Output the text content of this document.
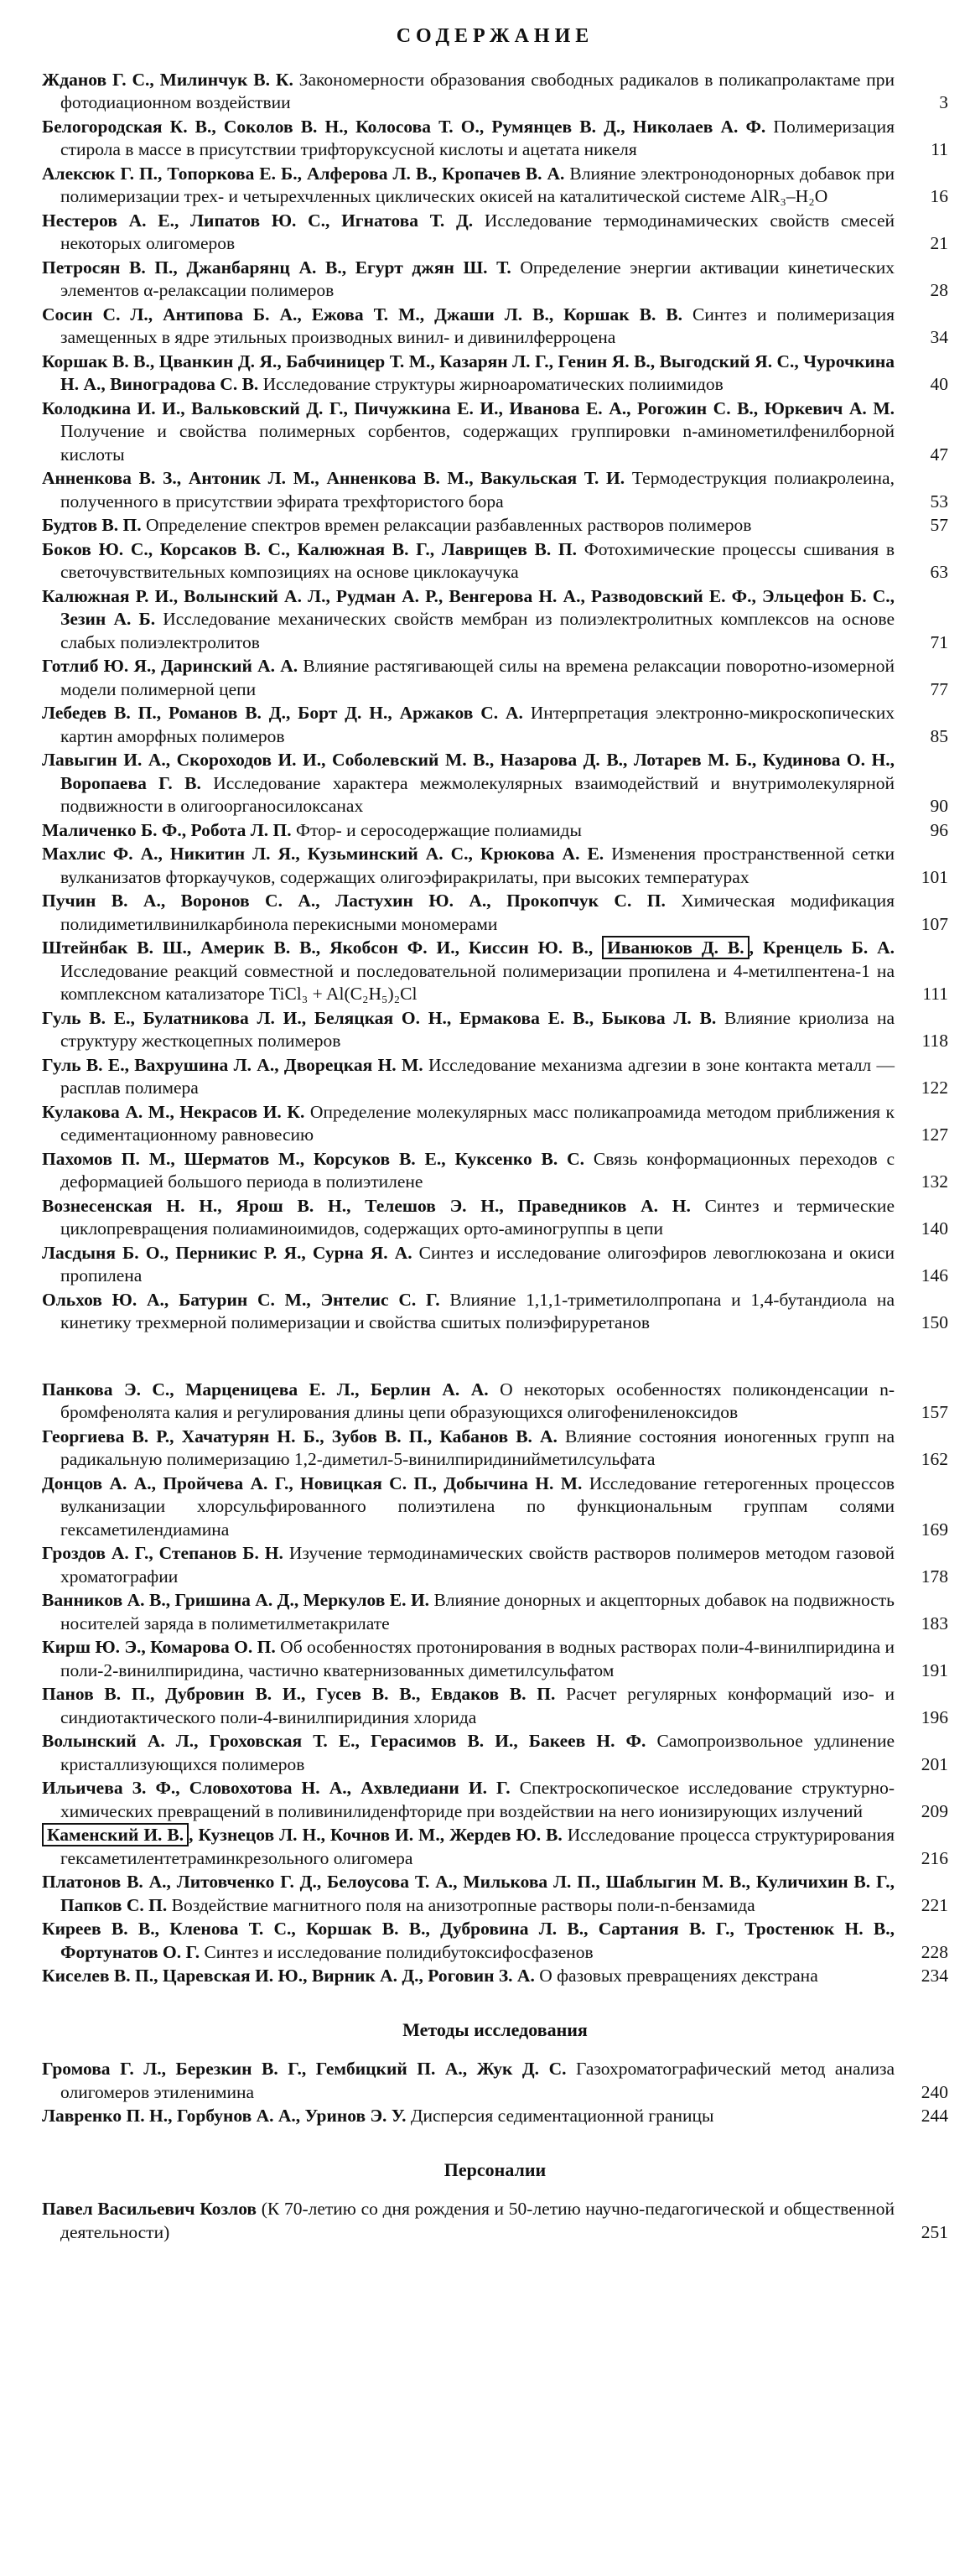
СОДЕРЖАНИЕ
Жданов Г. С., Милинчук В. К. Закономерности образования свободных радикалов в поликапролактаме при фотодиационном воздействии	3
Белогородская К. В., Соколов В. Н., Колосова Т. О., Румянцев В. Д., Николаев А. Ф. Полимеризация стирола в массе в присутствии трифторуксусной кислоты и ацетата никеля	11
Алексюк Г. П., Топоркова Е. Б., Алферова Л. В., Кропачев В. А. Влияние электронодонорных добавок при полимеризации трех- и четырехчленных циклических окисей на каталитической системе AlR₃–H₂O	16
Нестеров А. Е., Липатов Ю. С., Игнатова Т. Д. Исследование термодинамических свойств смесей некоторых олигомеров	21
Петросян В. П., Джанбарянц А. В., Егурт джян Ш. Т. Определение энергии активации кинетических элементов α-релаксации полимеров	28
Сосин С. Л., Антипова Б. А., Ежова Т. М., Джаши Л. В., Коршак В. В. Синтез и полимеризация замещенных в ядре этильных производных винил- и дивинилферроцена	34
Коршак В. В., Цванкин Д. Я., Бабчиницер Т. М., Казарян Л. Г., Генин Я. В., Выгодский Я. С., Чурочкина Н. А., Виноградова С. В. Исследование структуры жирноароматических полиимидов	40
Колодкина И. И., Вальковский Д. Г., Пичужкина Е. И., Иванова Е. А., Рогожин С. В., Юркевич А. М. Получение и свойства полимерных сорбентов, содержащих группировки n-аминометилфенилборной кислоты	47
Анненкова В. З., Антоник Л. М., Анненкова В. М., Вакульская Т. И. Термодеструкция полиакролеина, полученного в присутствии эфирата трехфтористого бора	53
Будтов В. П. Определение спектров времен релаксации разбавленных растворов полимеров	57
Боков Ю. С., Корсаков В. С., Калюжная В. Г., Лаврищев В. П. Фотохимические процессы сшивания в светочувствительных композициях на основе циклокаучука	63
Калюжная Р. И., Волынский А. Л., Рудман А. Р., Венгерова Н. А., Разводовский Е. Ф., Эльцефон Б. С., Зезин А. Б. Исследование механических свойств мембран из полиэлектролитных комплексов на основе слабых полиэлектролитов	71
Готлиб Ю. Я., Даринский А. А. Влияние растягивающей силы на времена релаксации поворотно-изомерной модели полимерной цепи	77
Лебедев В. П., Романов В. Д., Борт Д. Н., Аржаков С. А. Интерпретация электронно-микроскопических картин аморфных полимеров	85
Лавыгин И. А., Скороходов И. И., Соболевский М. В., Назарова Д. В., Лотарев М. Б., Кудинова О. Н., Воропаева Г. В. Исследование характера межмолекулярных взаимодействий и внутримолекулярной подвижности в олигоорганосилоксанах	90
Маличенко Б. Ф., Робота Л. П. Фтор- и серосодержащие полиамиды	96
Махлис Ф. А., Никитин Л. Я., Кузьминский А. С., Крюкова А. Е. Изменения пространственной сетки вулканизатов фторкаучуков, содержащих олигоэфиракрилаты, при высоких температурах	101
Пучин В. А., Воронов С. А., Ластухин Ю. А., Прокопчук С. П. Химическая модификация полидиметилвинилкарбинола перекисными мономерами	107
Штейнбак В. Ш., Америк В. В., Якобсон Ф. И., Киссин Ю. В., Иванюков Д. В. , Кренцель Б. А. Исследование реакций совместной и последовательной полимеризации пропилена и 4-метилпентена-1 на комплексном катализаторе TiCl₃ + Al(C₂H₅)₂Cl	111
Гуль В. Е., Булатникова Л. И., Беляцкая О. Н., Ермакова Е. В., Быкова Л. В. Влияние криолиза на структуру жесткоцепных полимеров	118
Гуль В. Е., Вахрушина Л. А., Дворецкая Н. М. Исследование механизма адгезии в зоне контакта металл — расплав полимера	122
Кулакова А. М., Некрасов И. К. Определение молекулярных масс поликапроамида методом приближения к седиментационному равновесию	127
Пахомов П. М., Шерматов М., Корсуков В. Е., Куксенко В. С. Связь конформационных переходов с деформацией большого периода в полиэтилене	132
Вознесенская Н. Н., Ярош В. Н., Телешов Э. Н., Праведников А. Н. Синтез и термические циклопревращения полиаминоимидов, содержащих орто-аминогруппы в цепи	140
Ласдыня Б. О., Перникис Р. Я., Сурна Я. А. Синтез и исследование олигоэфиров левоглюкозана и окиси пропилена	146
Ольхов Ю. А., Батурин С. М., Энтелис С. Г. Влияние 1,1,1-триметилолпропана и 1,4-бутандиола на кинетику трехмерной полимеризации и свойства сшитых полиэфируретанов	150
Панкова Э. С., Марценицева Е. Л., Берлин А. А. О некоторых особенностях поликонденсации n-бромфенолята калия и регулирования длины цепи образующихся олигофениленоксидов	157
Георгиева В. Р., Хачатурян Н. Б., Зубов В. П., Кабанов В. А. Влияние состояния ионогенных групп на радикальную полимеризацию 1,2-диметил-5-винилпиридинийметилсульфата	162
Донцов А. А., Пройчева А. Г., Новицкая С. П., Добычина Н. М. Исследование гетерогенных процессов вулканизации хлорсульфированного полиэтилена по функциональным группам солями гексаметилендиамина	169
Гроздов А. Г., Степанов Б. Н. Изучение термодинамических свойств растворов полимеров методом газовой хроматографии	178
Ванников А. В., Гришина А. Д., Меркулов Е. И. Влияние донорных и акцепторных добавок на подвижность носителей заряда в полиметилметакрилате	183
Кирш Ю. Э., Комарова О. П. Об особенностях протонирования в водных растворах поли-4-винилпиридина и поли-2-винилпиридина, частично кватернизованных диметилсульфатом	191
Панов В. П., Дубровин В. И., Гусев В. В., Евдаков В. П. Расчет регулярных конформаций изо- и синдиотактического поли-4-винилпиридиния хлорида	196
Волынский А. Л., Гроховская Т. Е., Герасимов В. И., Бакеев Н. Ф. Самопроизвольное удлинение кристаллизующихся полимеров	201
Ильичева З. Ф., Словохотова Н. А., Ахвледиани И. Г. Спектроскопическое исследование структурно-химических превращений в поливинилиденфториде при воздействии на него ионизирующих излучений	209
Каменский И. В. , Кузнецов Л. Н., Кочнов И. М., Жердев Ю. В. Исследование процесса структурирования гексаметилентетраминкрезольного олигомера	216
Платонов В. А., Литовченко Г. Д., Белоусова Т. А., Милькова Л. П., Шаблыгин М. В., Куличихин В. Г., Папков С. П. Воздействие магнитного поля на анизотропные растворы поли-n-бензамида	221
Киреев В. В., Кленова Т. С., Коршак В. В., Дубровина Л. В., Сартания В. Г., Тростенюк Н. В., Фортунатов О. Г. Синтез и исследование полидибутоксифосфазенов	228
Киселев В. П., Царевская И. Ю., Вирник А. Д., Роговин З. А. О фазовых превращениях декстрана	234
Методы исследования
Громова Г. Л., Березкин В. Г., Гембицкий П. А., Жук Д. С. Газохроматографический метод анализа олигомеров этиленимина	240
Лавренко П. Н., Горбунов А. А., Уринов Э. У. Дисперсия седиментационной границы	244
Персоналии
Павел Васильевич Козлов (К 70-летию со дня рождения и 50-летию научно-педагогической и общественной деятельности)	251
